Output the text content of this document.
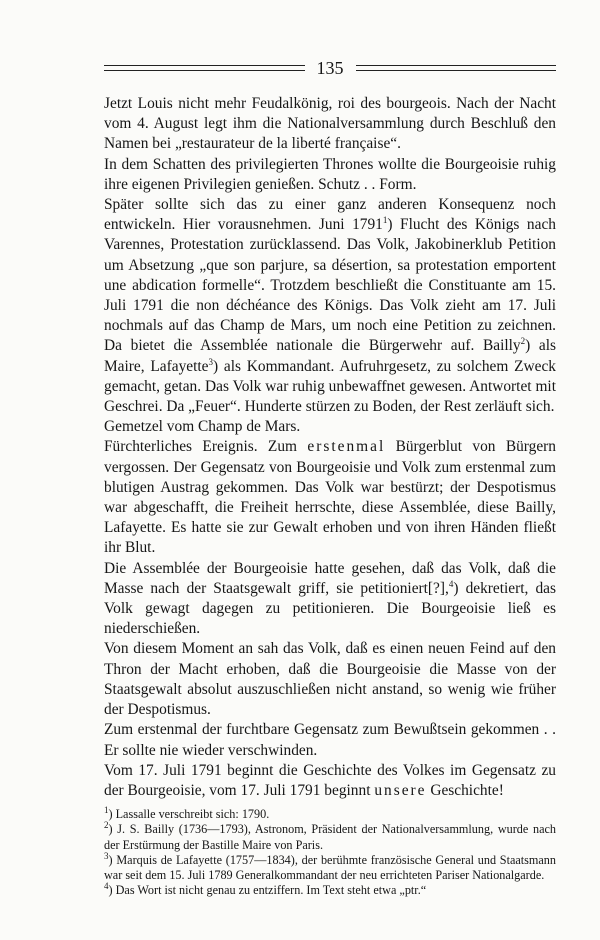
135

Jetzt Louis nicht mehr Feudalkönig, roi des bourgeois. Nach der Nacht vom 4. August legt ihm die Nationalversammlung durch Beschluß den Namen bei „restaurateur de la liberté française“.

In dem Schatten des privilegierten Thrones wollte die Bourgeoisie ruhig ihre eigenen Privilegien genießen. Schutz . . Form.

Später sollte sich das zu einer ganz anderen Konsequenz noch entwickeln. Hier vorausnehmen. Juni 1791$^1$) Flucht des Königs nach Varennes, Protestation zurücklassend. Das Volk, Jakobinerklub Petition um Absetzung „que son parjure, sa désertion, sa protestation emportent une abdication formelle“. Trotzdem beschließt die Constituante am 15. Juli 1791 die non déchéance des Königs. Das Volk zieht am 17. Juli nochmals auf das Champ de Mars, um noch eine Petition zu zeichnen. Da bietet die Assemblée nationale die Bürgerwehr auf. Bailly$^2$) als Maire, Lafayette$^3$) als Kommandant. Aufruhrgesetz, zu solchem Zweck gemacht, getan. Das Volk war ruhig unbewaffnet gewesen. Antwortet mit Geschrei. Da „Feuer“. Hunderte stürzen zu Boden, der Rest zerläuft sich.

Gemetzel vom Champ de Mars.

Fürchterliches Ereignis. Zum erstenmal Bürgerblut von Bürgern vergossen. Der Gegensatz von Bourgeoisie und Volk zum erstenmal zum blutigen Austrag gekommen. Das Volk war bestürzt; der Despotismus war abgeschafft, die Freiheit herrschte, diese Assemblée, diese Bailly, Lafayette. Es hatte sie zur Gewalt erhoben und von ihren Händen fließt ihr Blut.

Die Assemblée der Bourgeoisie hatte gesehen, daß das Volk, daß die Masse nach der Staatsgewalt griff, sie petitioniert[?],$^4$) dekretiert, das Volk gewagt dagegen zu petitionieren. Die Bourgeoisie ließ es niederschießen.

Von diesem Moment an sah das Volk, daß es einen neuen Feind auf den Thron der Macht erhoben, daß die Bourgeoisie die Masse von der Staatsgewalt absolut auszuschließen nicht anstand, so wenig wie früher der Despotismus.

Zum erstenmal der furchtbare Gegensatz zum Bewußtsein gekommen . . Er sollte nie wieder verschwinden.

Vom 17. Juli 1791 beginnt die Geschichte des Volkes im Gegensatz zu der Bourgeoisie, vom 17. Juli 1791 beginnt unsere Geschichte!

$^1$) Lassalle verschreibt sich: 1790.

$^2$) J. S. Bailly (1736—1793), Astronom, Präsident der Nationalversammlung, wurde nach der Erstürmung der Bastille Maire von Paris.

$^3$) Marquis de Lafayette (1757—1834), der berühmte französische General und Staatsmann war seit dem 15. Juli 1789 Generalkommandant der neu errichteten Pariser Nationalgarde.

$^4$) Das Wort ist nicht genau zu entziffern. Im Text steht etwa „ptr.“
